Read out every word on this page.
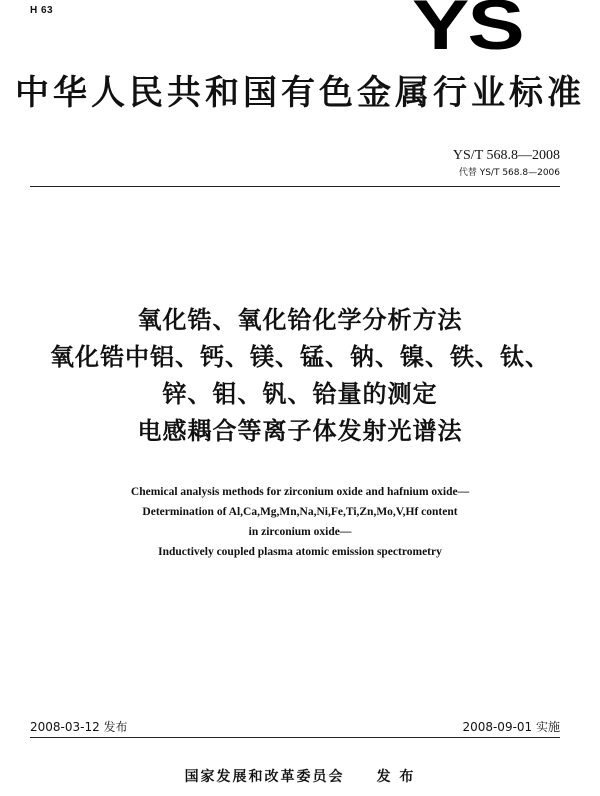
H 63	YS
中华人民共和国有色金属行业标准
YS/T 568.8—2008
代替 YS/T 568.8—2006
氧化锆、氧化铪化学分析方法
氧化锆中铝、钙、镁、锰、钠、镍、铁、钛、
锌、钼、钒、铪量的测定
电感耦合等离子体发射光谱法
Chemical analysis methods for zirconium oxide and hafnium oxide—
Determination of Al,Ca,Mg,Mn,Na,Ni,Fe,Ti,Zn,Mo,V,Hf content
in zirconium oxide—
Inductively coupled plasma atomic emission spectrometry
2008-03-12 发布	2008-09-01 实施
国家发展和改革委员会 发 布
